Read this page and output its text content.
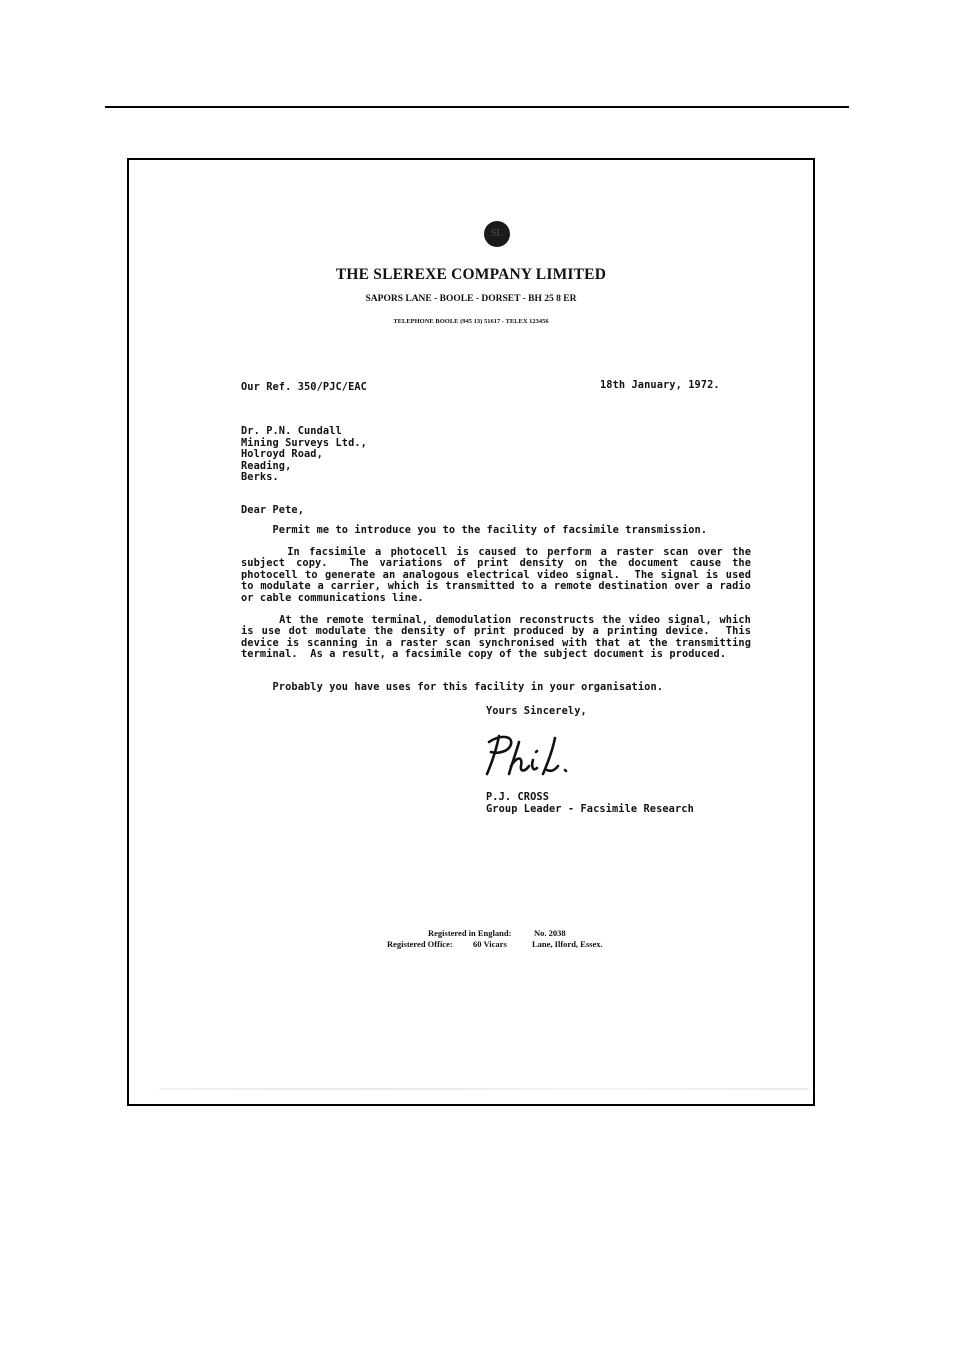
SL
THE SLEREXE COMPANY LIMITED
SAPORS LANE - BOOLE - DORSET - BH 25 8 ER
TELEPHONE BOOLE (945 13) 51617 - TELEX 123456
Our Ref. 350/PJC/EAC	18th January, 1972.
Dr. P.N. Cundall
Mining Surveys Ltd.,
Holroyd Road,
Reading,
Berks.
Dear Pete,
Permit me to introduce you to the facility of facsimile transmission.
In facsimile a photocell is caused to perform a raster scan over the subject copy.  The variations of print density on the document cause the photocell to generate an analogous electrical video signal.  The signal is used to modulate a carrier, which is transmitted to a remote destination over a radio or cable communications line.
At the remote terminal, demodulation reconstructs the video signal, which is use dot modulate the density of print produced by a printing device.  This device is scanning in a raster scan synchronised with that at the transmitting terminal.  As a result, a facsimile copy of the subject document is produced.
Probably you have uses for this facility in your organisation.
Yours Sincerely,
P.J. CROSS
Group Leader - Facsimile Research
Registered in England:	No. 2038
Registered Office: 60 Vicars	Lane, Ilford, Essex.
